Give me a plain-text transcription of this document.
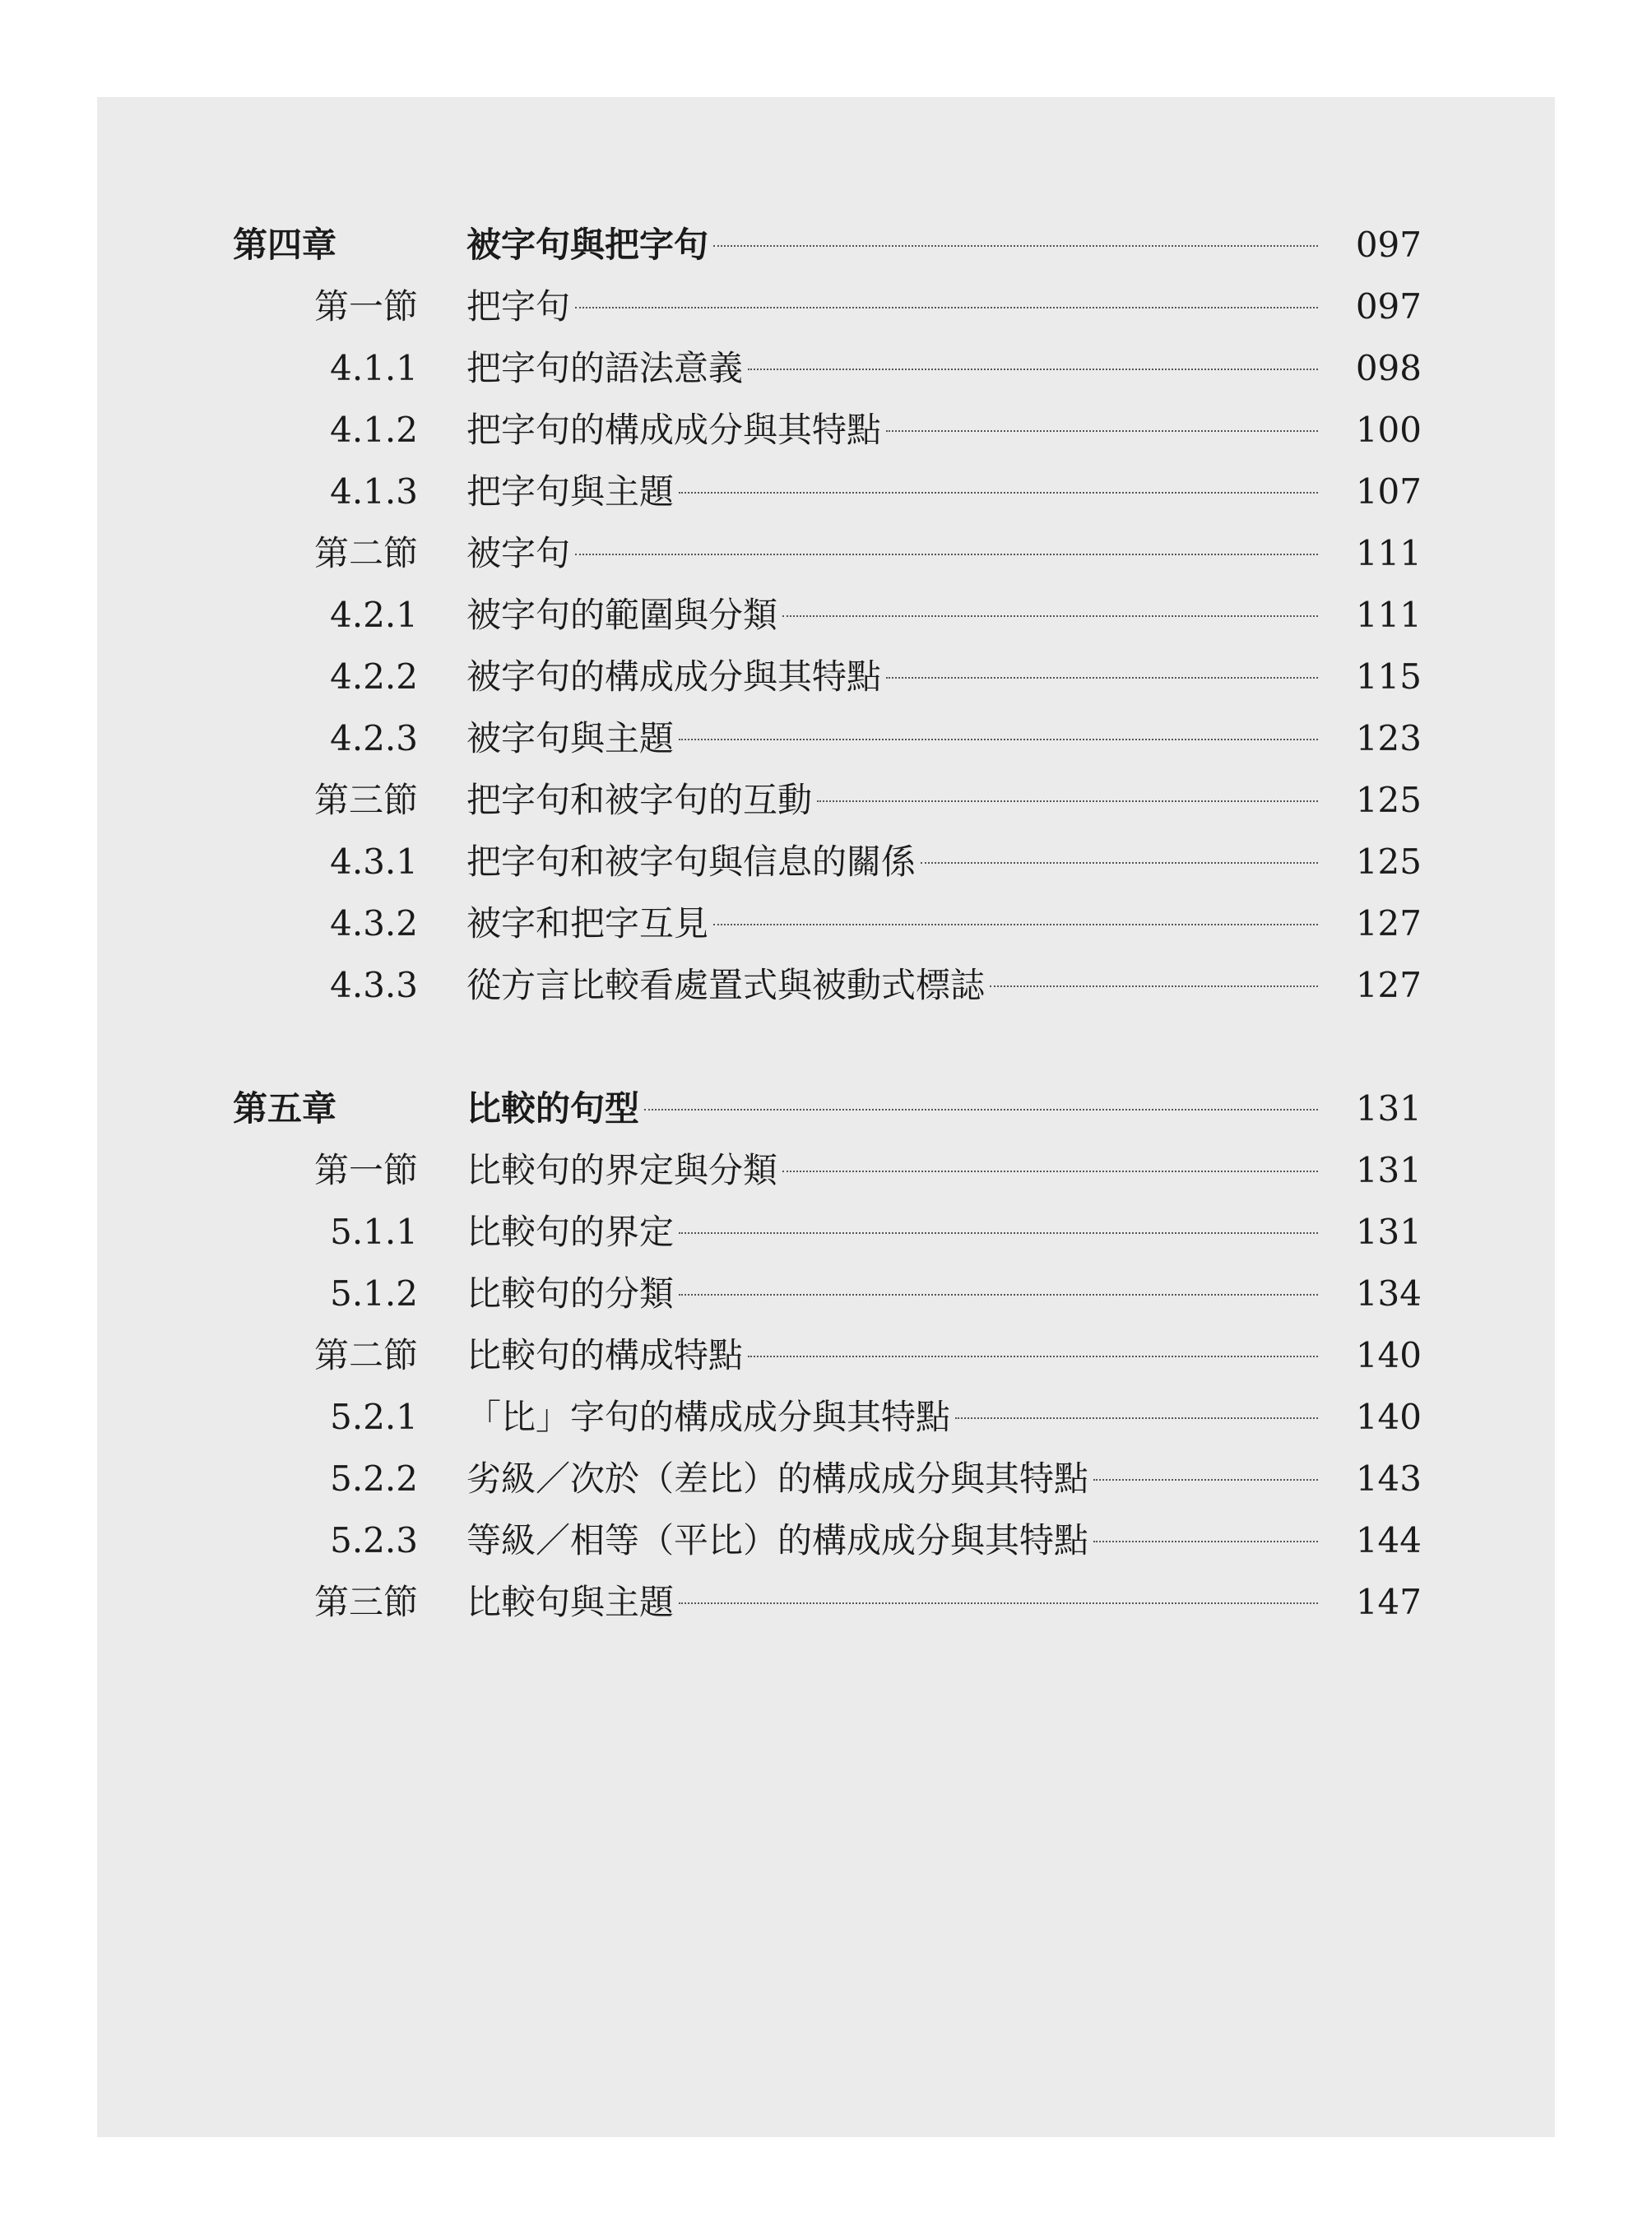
第四章	被字句與把字句	097
第一節 把字句	097
4.1.1 把字句的語法意義	098
4.1.2 把字句的構成成分與其特點	100
4.1.3 把字句與主題	107
第二節 被字句	111
4.2.1 被字句的範圍與分類	111
4.2.2 被字句的構成成分與其特點	115
4.2.3 被字句與主題	123
第三節 把字句和被字句的互動	125
4.3.1 把字句和被字句與信息的關係	125
4.3.2 被字和把字互見	127
4.3.3 從方言比較看處置式與被動式標誌	127
第五章	比較的句型	131
第一節 比較句的界定與分類	131
5.1.1 比較句的界定	131
5.1.2 比較句的分類	134
第二節 比較句的構成特點	140
5.2.1 「比」字句的構成成分與其特點	140
5.2.2 劣級／次於（差比）的構成成分與其特點	143
5.2.3 等級／相等（平比）的構成成分與其特點	144
第三節 比較句與主題	147
